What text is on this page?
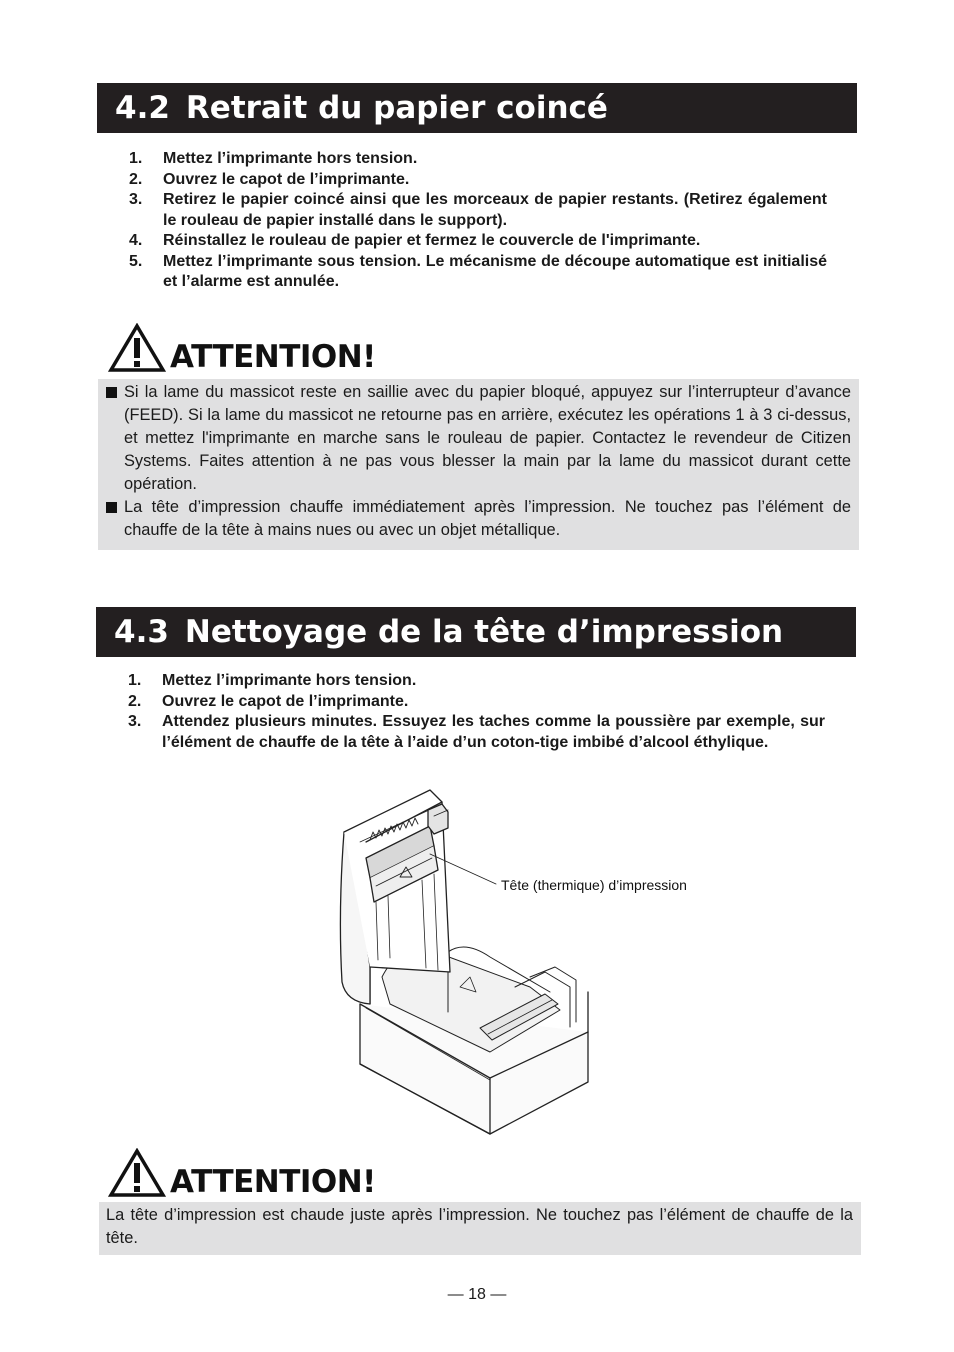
4.2 Retrait du papier coincé
1. Mettez l’imprimante hors tension.
2. Ouvrez le capot de l’imprimante.
3. Retirez le papier coincé ainsi que les morceaux de papier restants. (Retirez également le rouleau de papier installé dans le support).
4. Réinstallez le rouleau de papier et fermez le couvercle de l'imprimante.
5. Mettez l’imprimante sous tension. Le mécanisme de découpe automatique est initialisé et l’alarme est annulée.
ATTENTION!
Si la lame du massicot reste en saillie avec du papier bloqué, appuyez sur l’interrupteur d’avance (FEED). Si la lame du massicot ne retourne pas en arrière, exécutez les opérations 1 à 3 ci-dessus, et mettez l'imprimante en marche sans le rouleau de papier. Contactez le revendeur de Citizen Systems. Faites attention à ne pas vous blesser la main par la lame du massicot durant cette opération.
La tête d’impression chauffe immédiatement après l’impression. Ne touchez pas l’élément de chauffe de la tête à mains nues ou avec un objet métallique.
4.3 Nettoyage de la tête d’impression
1. Mettez l’imprimante hors tension.
2. Ouvrez le capot de l’imprimante.
3. Attendez plusieurs minutes. Essuyez les taches comme la poussière par exemple, sur l’élément de chauffe de la tête à l’aide d’un coton-tige imbibé d’alcool éthylique.
Tête (thermique) d’impression
ATTENTION!
La tête d’impression est chaude juste après l’impression. Ne touchez pas l’élément de chauffe de la tête.
— 18 —
